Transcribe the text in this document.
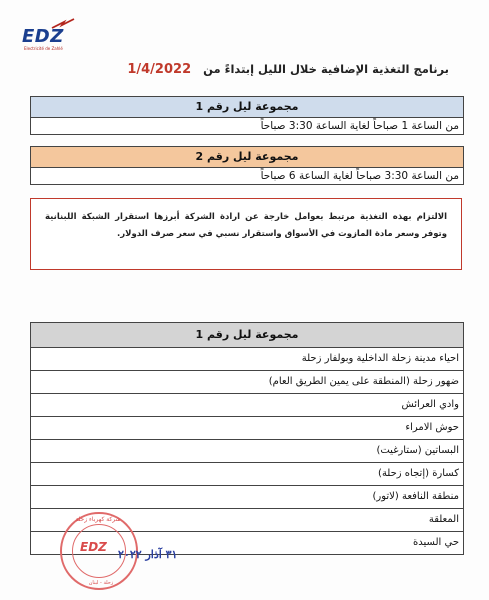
EDZ
Electricité de Zahlé
برنامج التغذية الإضافية خلال الليل إبتداءً من   1/4/2022
مجموعة ليل رقم 1
من الساعة 1 صباحاً لغاية الساعة 3:30 صباحاً
مجموعة ليل رقم 2
من الساعة 3:30 صباحاً لغاية الساعة 6 صباحاً
الالتزام بهذه التغذية مرتبط بعوامل خارجة عن ارادة الشركة أبرزها استقرار الشبكة اللبنانية وتوفر وسعر مادة المازوت في الأسواق واستقرار نسبي في سعر صرف الدولار.
مجموعة ليل رقم 1
احياء مدينة زحلة الداخلية وبولفار زحلة
ضهور زحلة (المنطقة على يمين الطريق العام)
وادي العرائش
حوش الامراء
البساتين (ستارغيت)
كسارة (إتجاه زحلة)
منطقة النافعة (لاتور)
المعلقة
حي السيدة
شركة كهرباء زحلة
EDZ
زحلة - لبنان
٣١ آذار ٢٠٢٢
